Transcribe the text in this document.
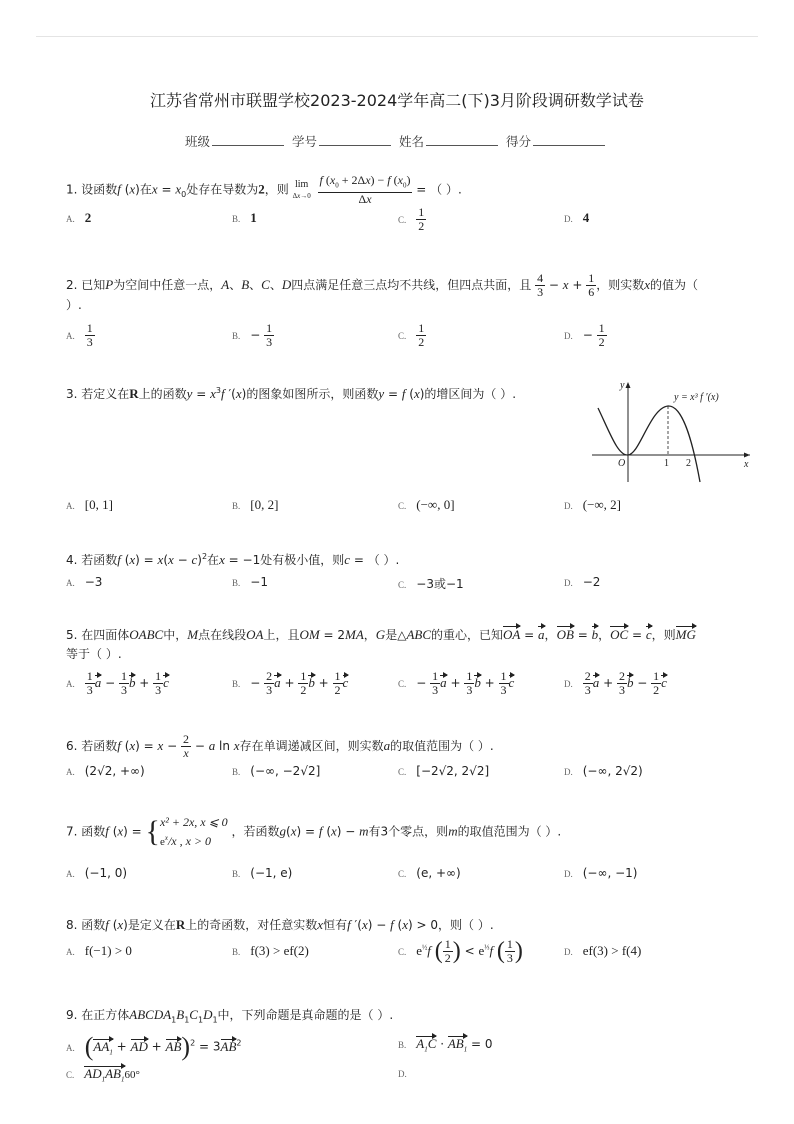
江苏省常州市联盟学校2023-2024学年高二(下)3月阶段调研数学试卷
班级	学号	姓名	得分
1. 设函数f (x)在$x = x_0$处存在导数为2，则 lim
$\Delta x\to 0 \frac{f (x_0 + 2\Delta x) - f (x_0)}{\Delta x}$ = （ ）.
A. 2	B. 1	C. $\frac{1}{2}$	D. 4
2. 已知P为空间中任意一点，A、B、C、D四点满足任意三点均不共线，但四点共面，且 $\frac{4}{3} - x + \frac{1}{6}$ ，则实数x的值为（
）.
A. $\frac{1}{3}$	B. − $\frac{1}{3}$	C. $\frac{1}{2}$	D. − $\frac{1}{2}$
3. 若定义在R上的函数$y = x^3f$ ′(x)的图象如图所示，则函数y = f (x)的增区间为（ ）.
y
x
O	1 2
y = x³ f ′(x)
A. [0, 1]	B. [0, 2]	C. (−∞, 0]	D. (−∞, 2]
4. 若函数f $(x) = x(x - c)^2$在x = −1处有极小值，则c = （ ）.
A. −3	B. −1	C. −3或−1	D. −2
5. 在四面体OABC中，M点在线段OA上，且OM = 2MA，G是△ABC的重心，已知OA = a，OB = b，OC = c，则MG
等于（ ）.
A. $\frac{1}{3}$ $a - \frac{1}{3}$ $b + \frac{1}{3}$ c	B. − $\frac{2}{3}$ $a + \frac{1}{2}$ $b + \frac{1}{2}$ c	C. − $\frac{1}{3}$ $a + \frac{1}{3}$ $b + \frac{1}{3}$ c	D. $\frac{2}{3}$ $a + \frac{2}{3}$ $b - \frac{1}{2}$ c
6. 若函数f $(x) = x - \frac{2}{x} - a$ ln x存在单调递减区间，则实数a的取值范围为（ ）.
A. (2√2, +∞)	B. (−∞, −2√2]	C. [−2√2, 2√2]	D. (−∞, 2√2)
7. 函数f (x) = {x² + 2x, x ⩽ 0
$e^x/x$ , x > 0 ，若函数g(x) = f (x) − m有3个零点，则m的取值范围为（ ）.
A. (−1, 0)	B. (−1, e)	C. (e, +∞)	D. (−∞, −1)
8. 函数f (x)是定义在R上的奇函数，对任意实数x恒有f ′(x) − f (x) > 0，则（ ）.
A. f(−1) > 0	B. f(3) > ef(2)	C. $e^{\frac{1}{2}}f$ ( $\frac{1}{2}$ ) < $e^{\frac{1}{3}}f$ ( $\frac{1}{3}$ )	D. ef(3) > f(4)
9. 在正方体$ABCDA_1B_1C_1D_1$中，下列命题是真命题的是（ ）.
A. ($AA_1$ + AD + $AB)^2 = 3AB^2$	B. $A_1C \cdot AB_1 = 0$
C. $AD_1AB_160^\circ$	D.
